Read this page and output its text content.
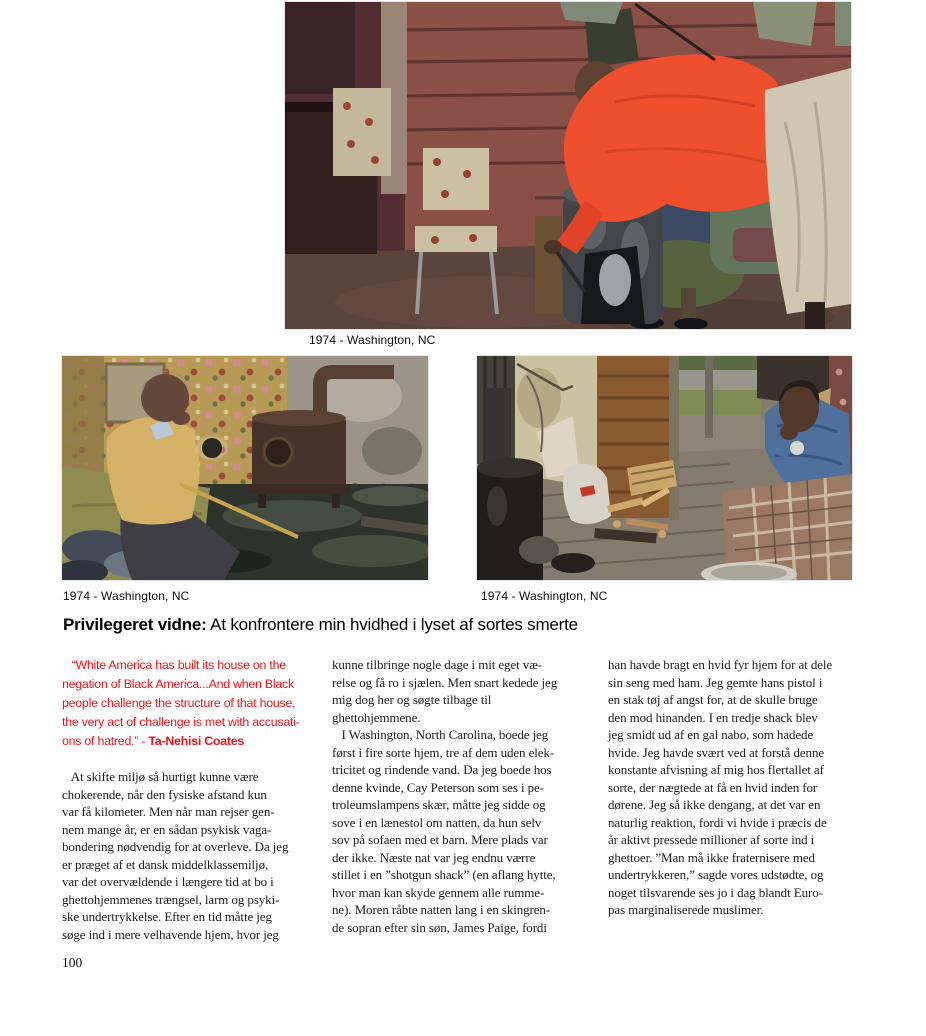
1974 - Washington, NC
1974 - Washington, NC	1974 - Washington, NC
Privilegeret vidne: At konfrontere min hvidhed i lyset af sortes smerte
“White America has built its house on the
negation of Black America...And when Black
people challenge the structure of that house,
the very act of challenge is met with accusati-
ons of hatred.” - Ta-Nehisi Coates
At skifte miljø så hurtigt kunne være
chokerende, når den fysiske afstand kun
var få kilometer. Men når man rejser gen-
nem mange år, er en sådan psykisk vaga-
bondering nødvendig for at overleve. Da jeg
er præget af et dansk middelklassemiljø,
var det overvældende i længere tid at bo i
ghettohjemmenes trængsel, larm og psyki-
ske undertrykkelse. Efter en tid måtte jeg
søge ind i mere velhavende hjem, hvor jeg
kunne tilbringe nogle dage i mit eget væ-
relse og få ro i sjælen. Men snart kedede jeg
mig dog her og søgte tilbage til
ghettohjemmene.
I Washington, North Carolina, boede jeg
først i fire sorte hjem, tre af dem uden elek-
tricitet og rindende vand. Da jeg boede hos
denne kvinde, Cay Peterson som ses i pe-
troleumslampens skær, måtte jeg sidde og
sove i en lænestol om natten, da hun selv
sov på sofaen med et barn. Mere plads var
der ikke. Næste nat var jeg endnu værre
stillet i en ”shotgun shack” (en aflang hytte,
hvor man kan skyde gennem alle rumme-
ne). Moren råbte natten lang i en skingren-
de sopran efter sin søn, James Paige, fordi
han havde bragt en hvid fyr hjem for at dele
sin seng med ham. Jeg gemte hans pistol i
en stak tøj af angst for, at de skulle bruge
den mod hinanden. I en tredje shack blev
jeg smidt ud af en gal nabo, som hadede
hvide. Jeg havde svært ved at forstå denne
konstante afvisning af mig hos flertallet af
sorte, der nægtede at få en hvid inden for
dørene. Jeg så ikke dengang, at det var en
naturlig reaktion, fordi vi hvide i præcis de
år aktivt pressede millioner af sorte ind i
ghettoer. ”Man må ikke fraternisere med
undertrykkeren,” sagde vores udstødte, og
noget tilsvarende ses jo i dag blandt Euro-
pas marginaliserede muslimer.
100
